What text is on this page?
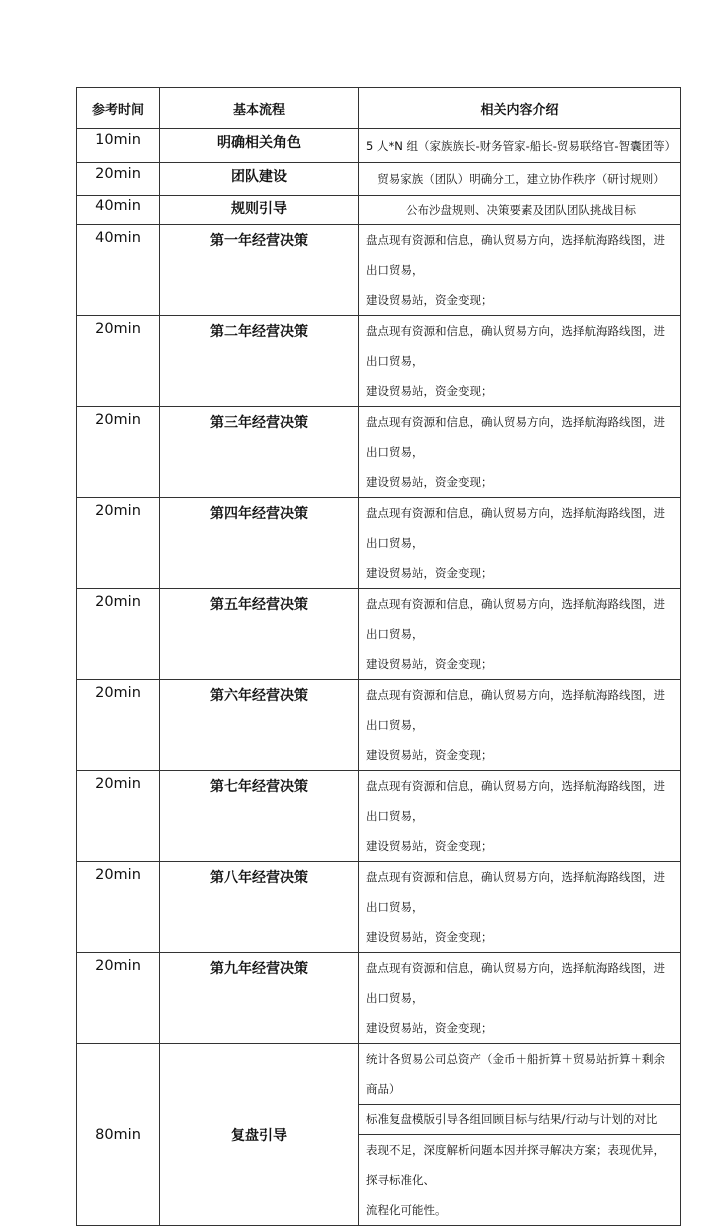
参考时间	基本流程	相关内容介绍
10min	明确相关角色	5 人*N 组（家族族长-财务管家-船长-贸易联络官-智囊团等）
20min	团队建设	贸易家族（团队）明确分工，建立协作秩序（研讨规则）
40min	规则引导	公布沙盘规则、决策要素及团队团队挑战目标
40min	第一年经营决策	盘点现有资源和信息，确认贸易方向，选择航海路线图，进出口贸易，
建设贸易站，资金变现；

20min	第二年经营决策	盘点现有资源和信息，确认贸易方向，选择航海路线图，进出口贸易，
建设贸易站，资金变现；

20min	第三年经营决策	盘点现有资源和信息，确认贸易方向，选择航海路线图，进出口贸易，
建设贸易站，资金变现；

20min	第四年经营决策	盘点现有资源和信息，确认贸易方向，选择航海路线图，进出口贸易，
建设贸易站，资金变现；

20min	第五年经营决策	盘点现有资源和信息，确认贸易方向，选择航海路线图，进出口贸易，
建设贸易站，资金变现；

20min	第六年经营决策	盘点现有资源和信息，确认贸易方向，选择航海路线图，进出口贸易，
建设贸易站，资金变现；

20min	第七年经营决策	盘点现有资源和信息，确认贸易方向，选择航海路线图，进出口贸易，
建设贸易站，资金变现；

20min	第八年经营决策	盘点现有资源和信息，确认贸易方向，选择航海路线图，进出口贸易，
建设贸易站，资金变现；

20min	第九年经营决策	盘点现有资源和信息，确认贸易方向，选择航海路线图，进出口贸易，
建设贸易站，资金变现；

80min	复盘引导	统计各贸易公司总资产（金币＋船折算＋贸易站折算＋剩余商品）
		标准复盘模版引导各组回顾目标与结果/行动与计划的对比

		表现不足，深度解析问题本因并探寻解决方案；表现优异，探寻标准化、
流程化可能性。
